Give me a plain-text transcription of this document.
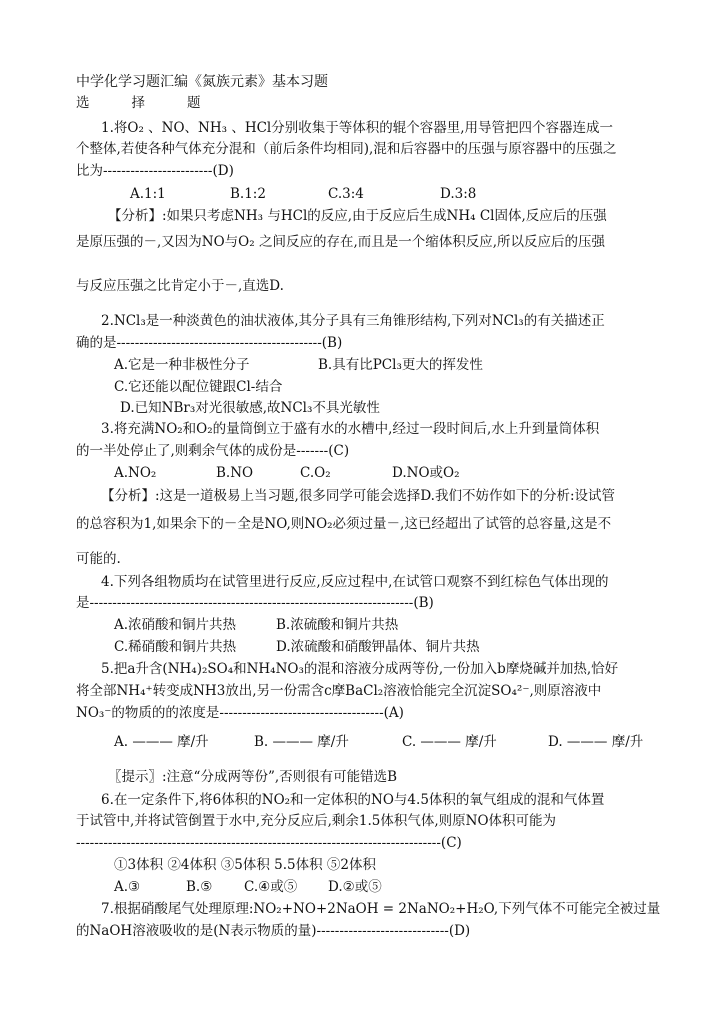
中学化学习题汇编《氮族元素》基本习题
选	择	题
1.将O₂ 、NO、NH₃ 、HCl分别收集于等体积的辊个容器里,用导管把四个容器连成一
个整体,若使各种气体充分混和（前后条件均相同),混和后容器中的压强与原容器中的压强之
比为------------------------(D)
A.1:1	B.1:2	C.3:4	D.3:8
【分析】:如果只考虑NH₃ 与HCl的反应,由于反应后生成NH₄ Cl固体,反应后的压强
是原压强的－,又因为NO与O₂ 之间反应的存在,而且是一个缩体积反应,所以反应后的压强
与反应压强之比肯定小于－,直选D.
2.NCl₃是一种淡黄色的油状液体,其分子具有三角锥形结构,下列对NCl₃的有关描述正
确的是---------------------------------------------(B)
A.它是一种非极性分子	B.具有比PCl₃更大的挥发性
C.它还能以配位键跟Cl-结合
D.已知NBr₃对光很敏感,故NCl₃不具光敏性
3.将充满NO₂和O₂的量筒倒立于盛有水的水槽中,经过一段时间后,水上升到量筒体积
的一半处停止了,则剩余气体的成份是-------(C)
A.NO₂	B.NO	C.O₂	D.NO或O₂
【分析】:这是一道极易上当习题,很多同学可能会选择D.我们不妨作如下的分析:设试管
的总容积为1,如果余下的－全是NO,则NO₂必须过量－,这已经超出了试管的总容量,这是不
可能的.
4.下列各组物质均在试管里进行反应,反应过程中,在试管口观察不到红棕色气体出现的
是-----------------------------------------------------------------------(B)
A.浓硝酸和铜片共热	B.浓硫酸和铜片共热
C.稀硝酸和铜片共热	D.浓硫酸和硝酸钾晶体、铜片共热
5.把a升含(NH₄)₂SO₄和NH₄NO₃的混和溶液分成两等份,一份加入b摩烧碱并加热,恰好
将全部NH₄⁺转变成NH3放出,另一份需含c摩BaCl₂溶液恰能完全沉淀SO₄²⁻,则原溶液中
NO₃⁻的物质的的浓度是------------------------------------(A)
A. ——— 摩/升	B. ——— 摩/升	C. ——— 摩/升	D. ——— 摩/升
〖提示〗:注意“分成两等份”,否则很有可能错选B
6.在一定条件下,将6体积的NO₂和一定体积的NO与4.5体积的氧气组成的混和气体置
于试管中,并将试管倒置于水中,充分反应后,剩余1.5体积气体,则原NO体积可能为
--------------------------------------------------------------------------------(C)
①3体积 ②4体积 ③5体积 5.5体积 ⑤2体积
A.③	B.⑤ C.④或⑤ D.②或⑤
7.根据硝酸尾气处理原理:NO₂+NO+2NaOH = 2NaNO₂+H₂O,下列气体不可能完全被过量
的NaOH溶液吸收的是(N表示物质的量)-----------------------------(D)
